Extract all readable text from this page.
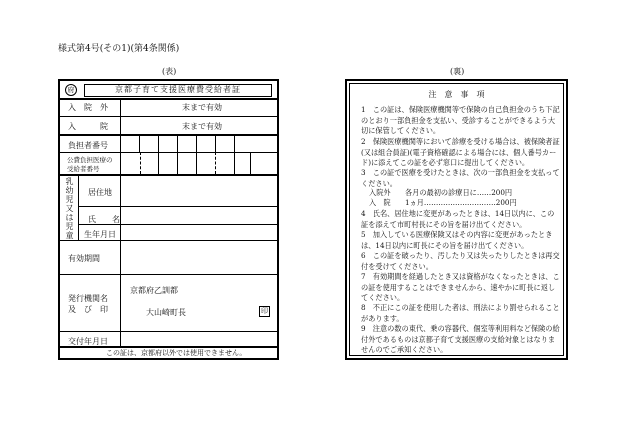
様式第4号(その1)(第4条関係)
(表)	(裏)
府	京都子育て支援医療費受給者証
入　院　外	末まで有効
入　　　院	末まで有効
負担者番号
公費負担医療の
受給者番号
乳幼児又は児童
居住地
氏　　名
生年月日
有効期間
発行機関名
及　び　印
京都府乙訓都
大山崎町長	印
交付年月日
この証は、京都府以外では使用できません。
注　意　事　項
1　この証は、保険医療機関等で保険の自己負担金のうち下記のとおり一部負担金を支払い、受診することができるよう大切に保管してください。
2　保険医療機関等において診療を受ける場合は、被保険者証(又は組合員証)(電子資格確認による場合には、個人番号カード)に添えてこの証を必ず窓口に提出してください。
3　この証で医療を受けたときは、次の一部負担金を支払ってください。
入院外　　各月の最初の診療日に……200円
入　院　　1ヵ月…………………………200円
4　氏名、居住地に変更があったときは、14日以内に、この証を添えて市町村長にその旨を届け出てください。
5　加入している医療保険又はその内容に変更があったときは、14日以内に町長にその旨を届け出てください。
6　この証を破ったり、汚したり又は失ったりしたときは再交付を受けてください。
7　有効期間を経過したとき又は資格がなくなったときは、この証を使用することはできませんから、速やかに町長に返してください。
8　不正にこの証を使用した者は、刑法により罰せられることがあります。
9　注意の数の東代、乗の容器代、個室等利用料など保険の給付外であるものは京都子育て支援医療の支給対象とはなりませんのでご承知ください。
